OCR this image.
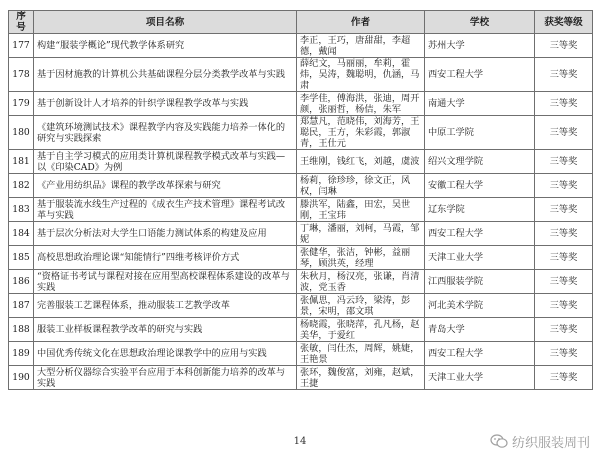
序号	项目名称	作者	学校	获奖等级
177	构建“服装学概论”现代教学体系研究	李正，王巧，唐甜甜，李超德，戴闻	苏州大学	三等奖
178	基于因材施教的计算机公共基础课程分层分类教学改革与实践	薛纪文，马丽丽，牟莉，霍炜，吴涛，魏聪明，仇涵，马肃	西安工程大学	三等奖
179	基于创新设计人才培养的针织学课程教学改革与实践	李学佳，傅海洪，张迪，周开颜，张丽哲，杨佶，朱军	南通大学	三等奖
180	《建筑环境测试技术》课程教学内容及实践能力培养一体化的研究与实践探索	郑慧凡，范晓伟，刘海芳，王聪民，王方，朱彩霞，郭淑青，王仕元	中原工学院	三等奖
181	基于自主学习模式的应用类计算机课程教学模式改革与实践—以《印染CAD》为例	王维刚，钱红飞，刘越，虞波	绍兴文理学院	三等奖
182	《产业用纺织品》课程的教学改革探索与研究	杨莉，徐珍珍，徐文正，风权，闫琳	安徽工程大学	三等奖
183	基于服装流水线生产过程的《成衣生产技术管理》课程考试改革与实践	滕洪军，陆鑫，田宏，吴世刚，王宝玮	辽东学院	三等奖
184	基于层次分析法对大学生口语能力测试体系的构建及应用	丁琳，潘丽，刘柯，马霞，邹妮	西安工程大学	三等奖
185	高校思想政治理论课“知能情行”四维考核评价方式	张健华，张洁，钟彬，益丽琴，顾洪英，经理	天津工业大学	三等奖
186	“资格证书考试与课程对接在应用型高校课程体系建设的改革与实践	朱秋月，杨汉亮，张谦，肖清波，党玉香	江西服装学院	三等奖
187	完善服装工艺课程体系，推动服装工艺教学改革	张佩思，冯云玲，梁涛，彭景，宋明，邵文琪	河北美术学院	三等奖
188	服装工业样板课程教学改革的研究与实践	杨晓霞，张晓萍，孔凡杨，赵美华，于爱红	青岛大学	三等奖
189	中国优秀传统文化在思想政治理论课教学中的应用与实践	张敏，闫仕杰，周辉，姚婕，王艳景	西安工程大学	三等奖
190	大型分析仪器综合实验平台应用于本科创新能力培养的改革与实践	张环，魏俊富，刘雍，赵斌，王捷	天津工业大学	三等奖
14	纺织服装周刊
